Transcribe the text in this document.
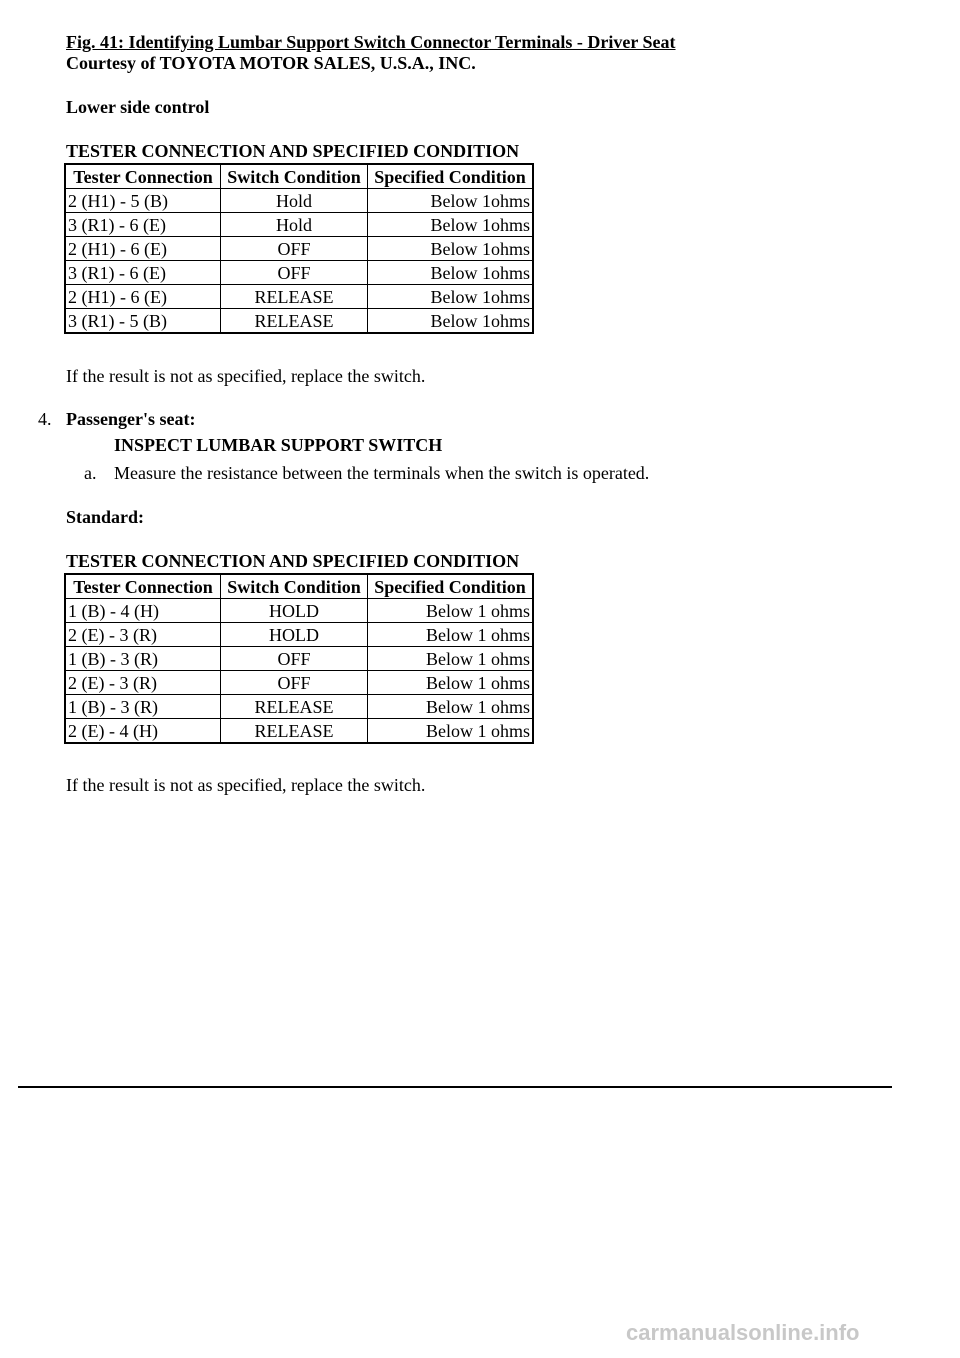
Fig. 41: Identifying Lumbar Support Switch Connector Terminals - Driver Seat
Courtesy of TOYOTA MOTOR SALES, U.S.A., INC.
Lower side control
TESTER CONNECTION AND SPECIFIED CONDITION
Tester Connection	Switch Condition	Specified Condition
2 (H1) - 5 (B)	Hold	Below 1ohms
3 (R1) - 6 (E)	Hold	Below 1ohms
2 (H1) - 6 (E)	OFF	Below 1ohms
3 (R1) - 6 (E)	OFF	Below 1ohms
2 (H1) - 6 (E)	RELEASE	Below 1ohms
3 (R1) - 5 (B)	RELEASE	Below 1ohms
If the result is not as specified, replace the switch.
4. Passenger's seat:
INSPECT LUMBAR SUPPORT SWITCH
a. Measure the resistance between the terminals when the switch is operated.
Standard:
TESTER CONNECTION AND SPECIFIED CONDITION
Tester Connection	Switch Condition	Specified Condition
1 (B) - 4 (H)	HOLD	Below 1 ohms
2 (E) - 3 (R)	HOLD	Below 1 ohms
1 (B) - 3 (R)	OFF	Below 1 ohms
2 (E) - 3 (R)	OFF	Below 1 ohms
1 (B) - 3 (R)	RELEASE	Below 1 ohms
2 (E) - 4 (H)	RELEASE	Below 1 ohms
If the result is not as specified, replace the switch.
carmanualsonline.info
